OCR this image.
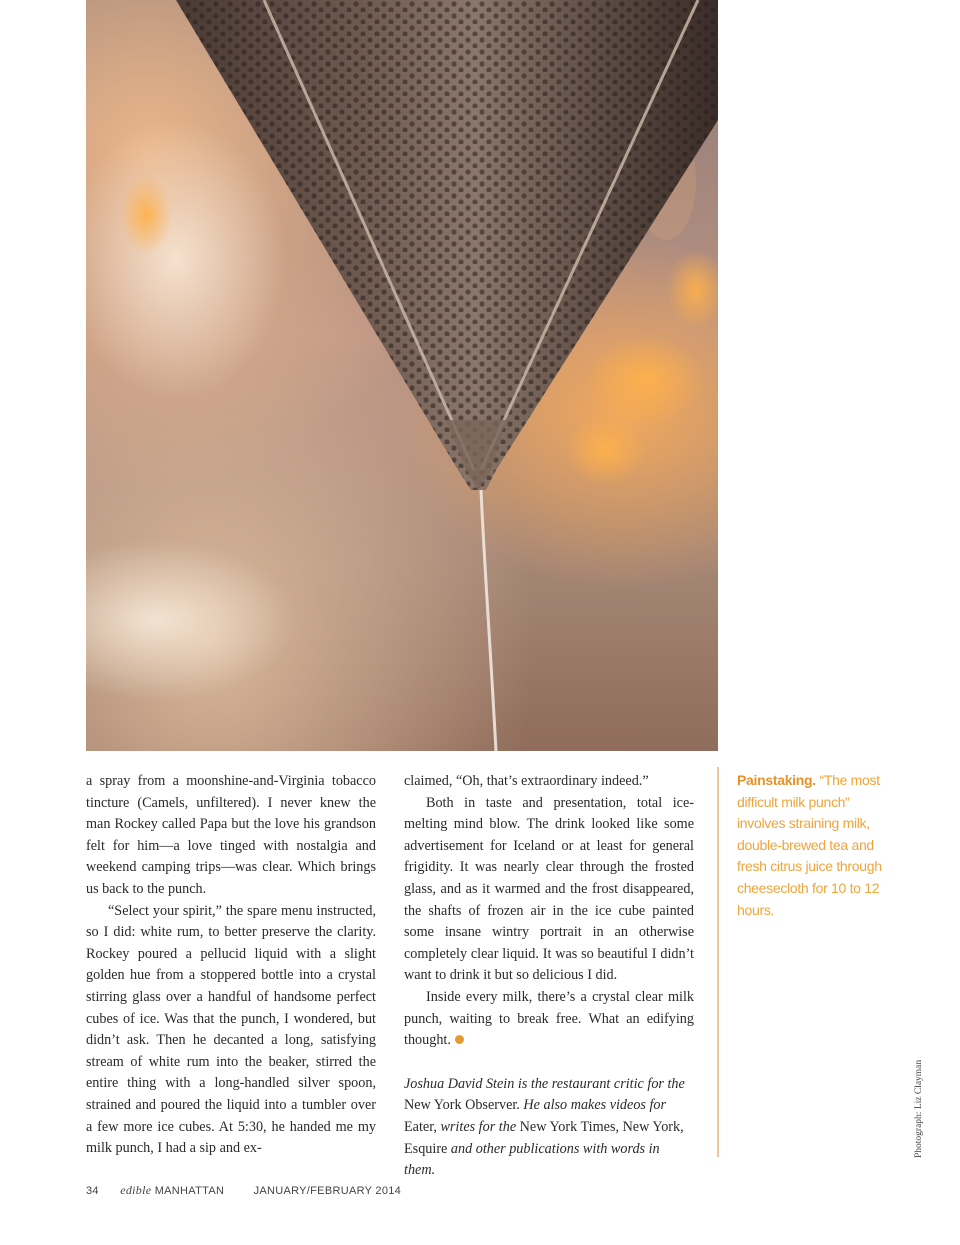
a spray from a moonshine-and-Virginia tobacco tincture (Camels, unfiltered). I never knew the man Rockey called Papa but the love his grandson felt for him—a love tinged with nostalgia and weekend camping trips—was clear. Which brings us back to the punch.

“Select your spirit,” the spare menu instructed, so I did: white rum, to better preserve the clarity. Rockey poured a pellucid liquid with a slight golden hue from a stoppered bottle into a crystal stirring glass over a handful of handsome perfect cubes of ice. Was that the punch, I wondered, but didn’t ask. Then he decanted a long, satisfying stream of white rum into the beaker, stirred the entire thing with a long-handled silver spoon, strained and poured the liquid into a tumbler over a few more ice cubes. At 5:30, he handed me my milk punch, I had a sip and ex-

claimed, “Oh, that’s extraordinary indeed.”

Both in taste and presentation, total ice-melting mind blow. The drink looked like some advertisement for Iceland or at least for general frigidity. It was nearly clear through the frosted glass, and as it warmed and the frost disappeared, the shafts of frozen air in the ice cube painted some insane wintry portrait in an otherwise completely clear liquid. It was so beautiful I didn’t want to drink it but so delicious I did.

Inside every milk, there’s a crystal clear milk punch, waiting to break free. What an edifying thought.

Joshua David Stein is the restaurant critic for the New York Observer. He also makes videos for Eater, writes for the New York Times, New York, Esquire and other publications with words in them.

Painstaking. “The most difficult milk punch” involves straining milk, double-brewed tea and fresh citrus juice through cheesecloth for 10 to 12 hours.
Photograph: Liz Clayman
34 edible MANHATTAN	JANUARY/FEBRUARY 2014
